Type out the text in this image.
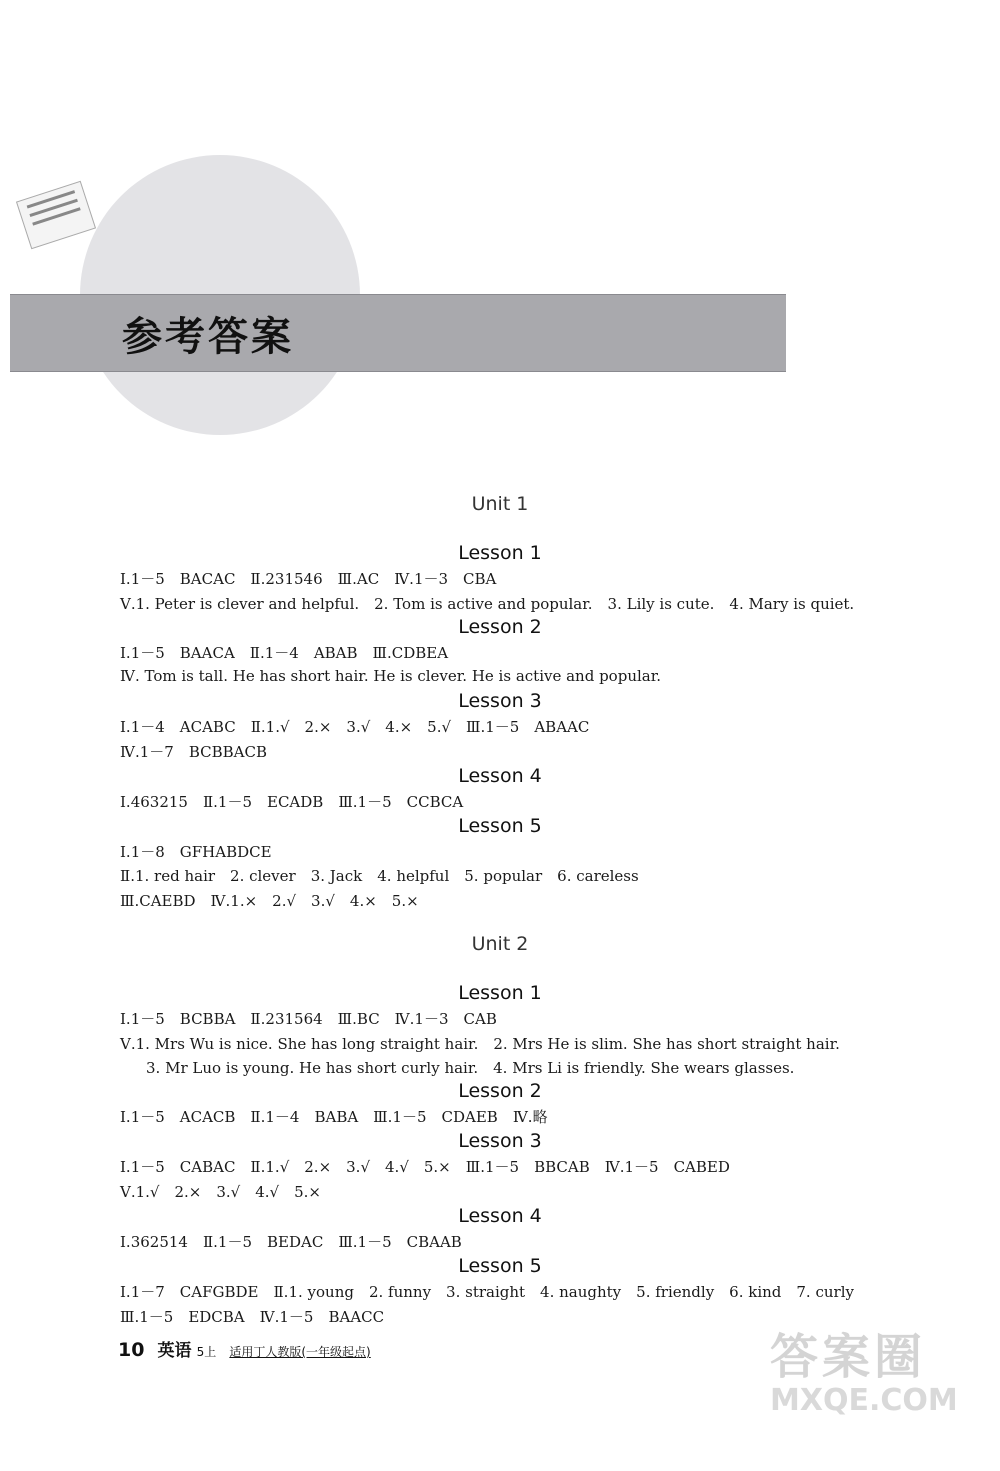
参考答案
Unit 1
Lesson 1
Ⅰ.1－5　BACAC　Ⅱ.231546　Ⅲ.AC　Ⅳ.1－3　CBA
Ⅴ.1. Peter is clever and helpful.　2. Tom is active and popular.　3. Lily is cute.　4. Mary is quiet.
Lesson 2
Ⅰ.1－5　BAACA　Ⅱ.1－4　ABAB　Ⅲ.CDBEA
Ⅳ. Tom is tall. He has short hair. He is clever. He is active and popular.
Lesson 3
Ⅰ.1－4　ACABC　Ⅱ.1.√　2.×　3.√　4.×　5.√　Ⅲ.1－5　ABAAC
Ⅳ.1－7　BCBBACB
Lesson 4
Ⅰ.463215　Ⅱ.1－5　ECADB　Ⅲ.1－5　CCBCA
Lesson 5
Ⅰ.1－8　GFHABDCE
Ⅱ.1. red hair　2. clever　3. Jack　4. helpful　5. popular　6. careless
Ⅲ.CAEBD　Ⅳ.1.×　2.√　3.√　4.×　5.×
Unit 2
Lesson 1
Ⅰ.1－5　BCBBA　Ⅱ.231564　Ⅲ.BC　Ⅳ.1－3　CAB
Ⅴ.1. Mrs Wu is nice. She has long straight hair.　2. Mrs He is slim. She has short straight hair.
3. Mr Luo is young. He has short curly hair.　4. Mrs Li is friendly. She wears glasses.
Lesson 2
Ⅰ.1－5　ACACB　Ⅱ.1－4　BABA　Ⅲ.1－5　CDAEB　Ⅳ.略
Lesson 3
Ⅰ.1－5　CABAC　Ⅱ.1.√　2.×　3.√　4.√　5.×　Ⅲ.1－5　BBCAB　Ⅳ.1－5　CABED
Ⅴ.1.√　2.×　3.√　4.√　5.×
Lesson 4
Ⅰ.362514　Ⅱ.1－5　BEDAC　Ⅲ.1－5　CBAAB
Lesson 5
Ⅰ.1－7　CAFGBDE　Ⅱ.1. young　2. funny　3. straight　4. naughty　5. friendly　6. kind　7. curly
Ⅲ.1－5　EDCBA　Ⅳ.1－5　BAACC
10 英语 5上 适用丁人教版(一年级起点)	答案圈
MXQE.COM
